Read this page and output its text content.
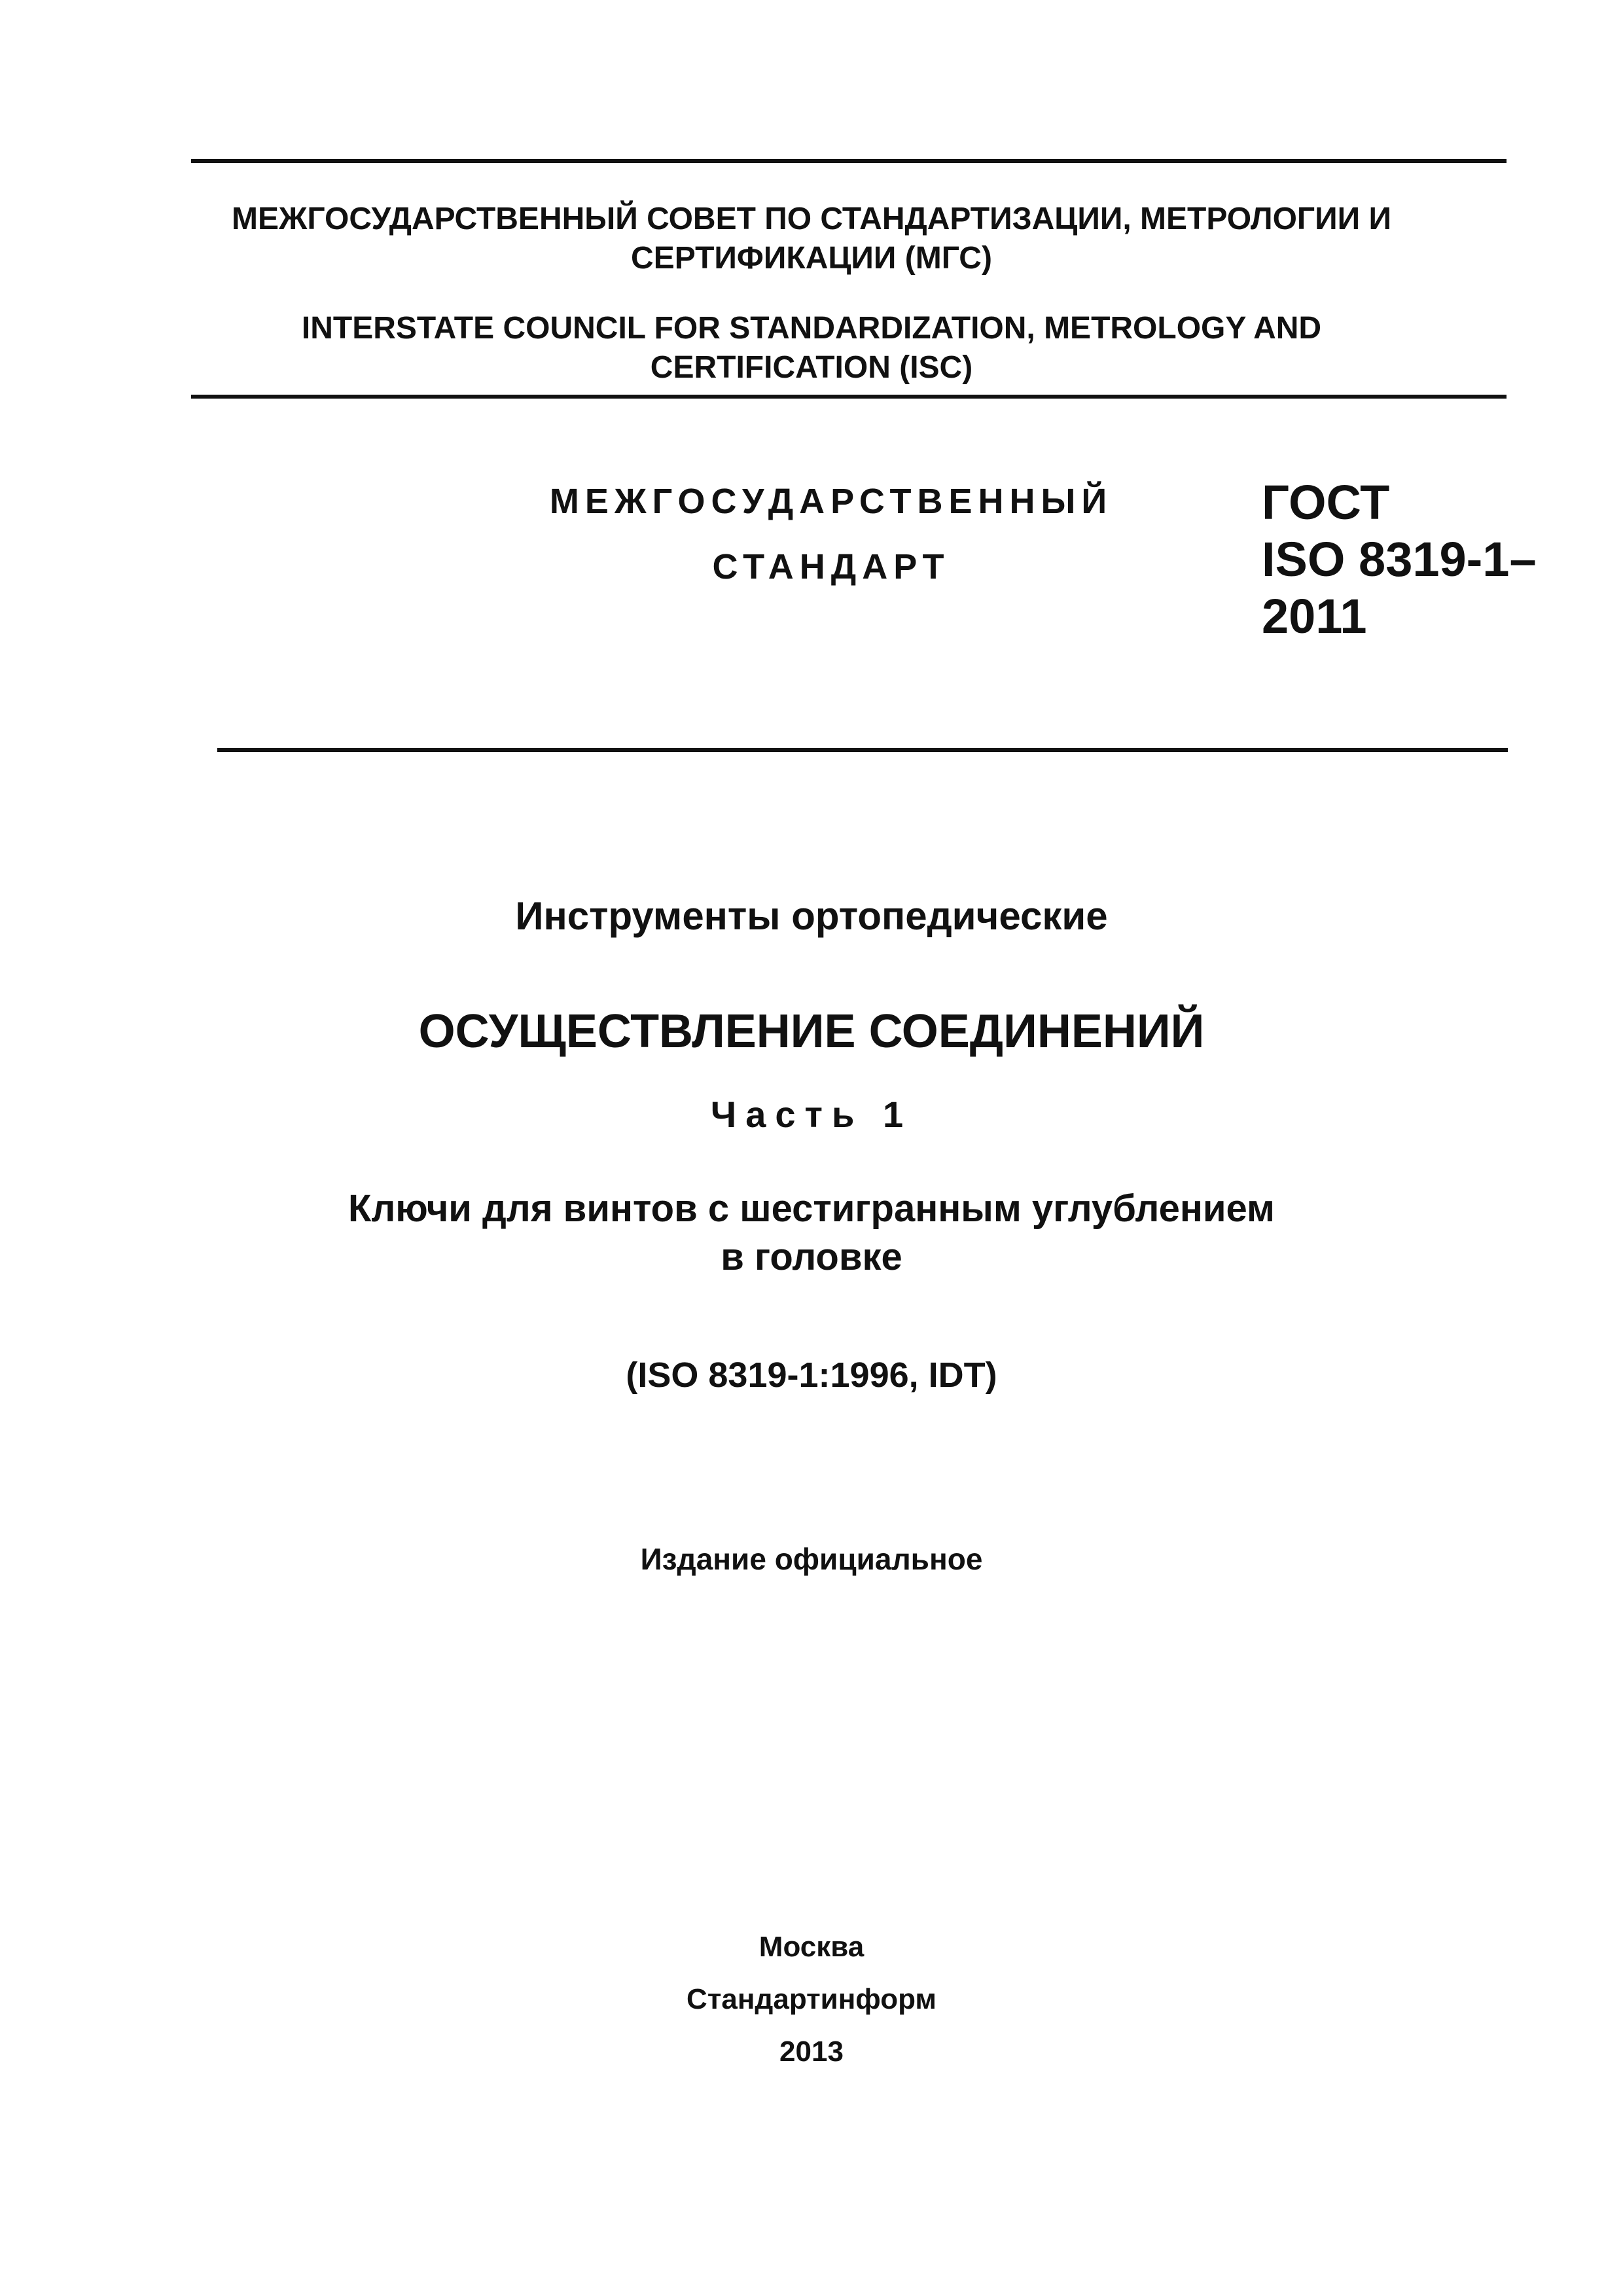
МЕЖГОСУДАРСТВЕННЫЙ СОВЕТ ПО СТАНДАРТИЗАЦИИ, МЕТРОЛОГИИ И
СЕРТИФИКАЦИИ (МГС)
INTERSTATE COUNCIL FOR STANDARDIZATION, METROLOGY AND
CERTIFICATION (ISC)
МЕЖГОСУДАРСТВЕННЫЙ
СТАНДАРТ
ГОСТ
ISO 8319-1–
2011
Инструменты ортопедические
ОСУЩЕСТВЛЕНИЕ СОЕДИНЕНИЙ
Часть 1
Ключи для винтов с шестигранным углублением
в головке
(ISO 8319-1:1996, IDT)
Издание официальное
Москва
Стандартинформ
2013
